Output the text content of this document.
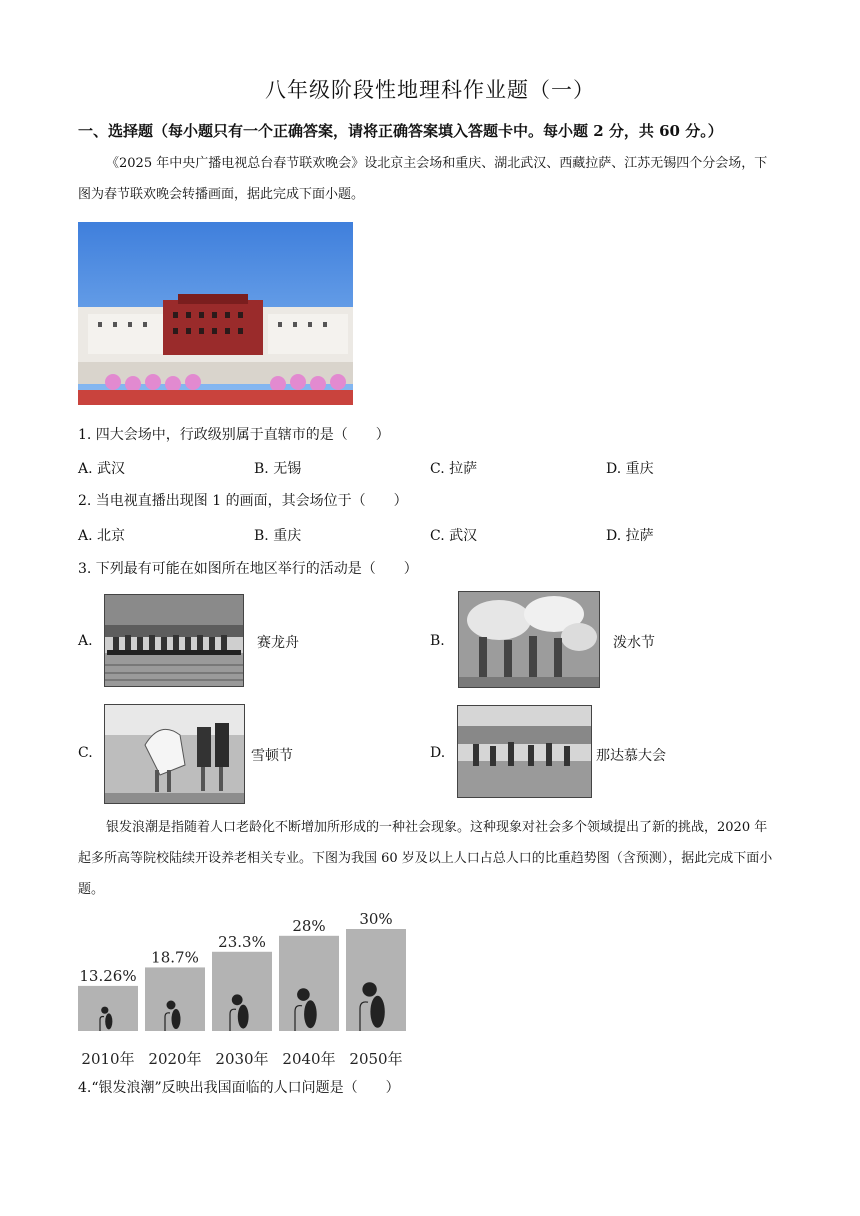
八年级阶段性地理科作业题（一）
一、选择题（每小题只有一个正确答案，请将正确答案填入答题卡中。每小题 2 分，共 60 分。）
《2025 年中央广播电视总台春节联欢晚会》设北京主会场和重庆、湖北武汉、西藏拉萨、江苏无锡四个分会场，下图为春节联欢晚会转播画面，据此完成下面小题。
1. 四大会场中，行政级别属于直辖市的是（　　）
A. 武汉	B. 无锡	C. 拉萨	D. 重庆
2. 当电视直播出现图 1 的画面，其会场位于（　　）
A. 北京	B. 重庆	C. 武汉	D. 拉萨
3. 下列最有可能在如图所在地区举行的活动是（　　）
A.	赛龙舟	B.	泼水节
C.	雪顿节	D.	那达慕大会
银发浪潮是指随着人口老龄化不断增加所形成的一种社会现象。这种现象对社会多个领域提出了新的挑战，2020 年起多所高等院校陆续开设养老相关专业。下图为我国 60 岁及以上人口占总人口的比重趋势图（含预测），据此完成下面小题。
13.26%
2010年
18.7%
2020年
23.3%
2030年
28%
2040年
30%
2050年
4.“银发浪潮”反映出我国面临的人口问题是（　　）
